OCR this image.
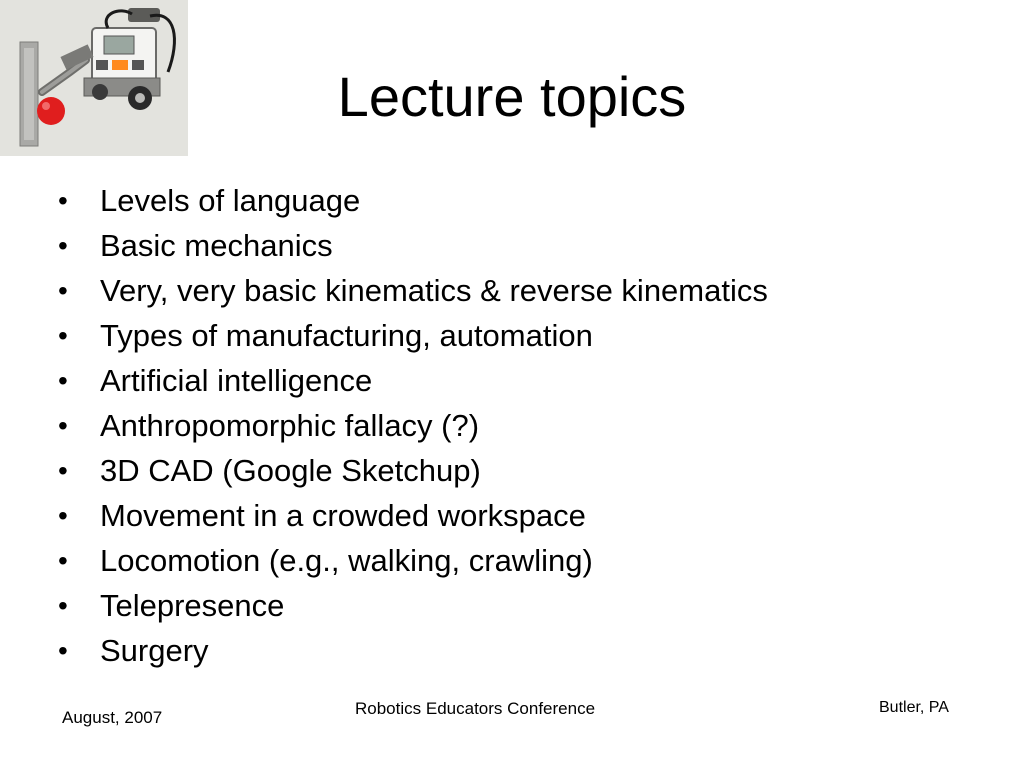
Lecture topics
• Levels of language
• Basic mechanics
• Very, very basic kinematics & reverse kinematics
• Types of manufacturing, automation
• Artificial intelligence
• Anthropomorphic fallacy (?)
• 3D CAD (Google Sketchup)
• Movement in a crowded workspace
• Locomotion (e.g., walking, crawling)
• Telepresence
• Surgery
August, 2007	Robotics Educators Conference	Butler, PA
